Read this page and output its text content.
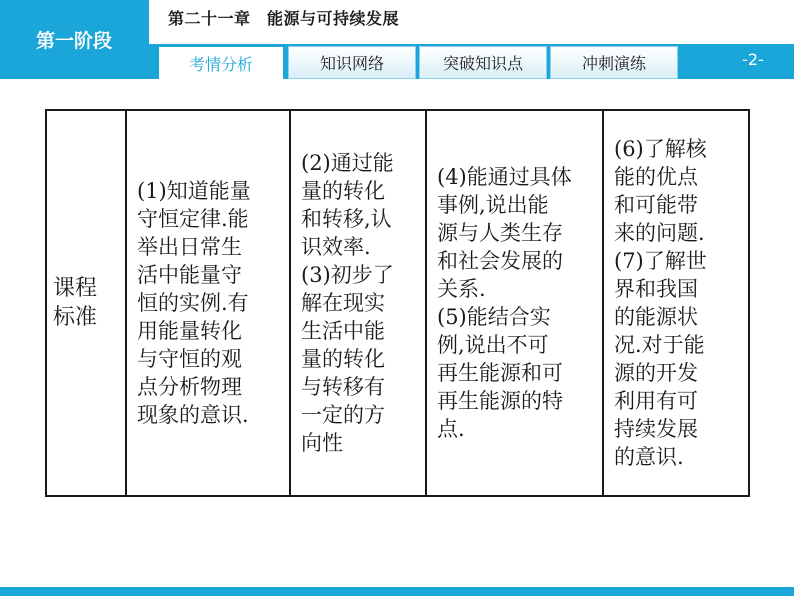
第一阶段
第二十一章　能源与可持续发展
考情分析	知识网络	突破知识点	冲刺演练	-2-
课程
标准

(1)知道能量
守恒定律.能
举出日常生
活中能量守
恒的实例.有
用能量转化
与守恒的观
点分析物理
现象的意识.

(2)通过能
量的转化
和转移,认
识效率.
(3)初步了
解在现实
生活中能
量的转化
与转移有
一定的方
向性

(4)能通过具体
事例,说出能
源与人类生存
和社会发展的
关系.
(5)能结合实
例,说出不可
再生能源和可
再生能源的特
点.

(6)了解核
能的优点
和可能带
来的问题.
(7)了解世
界和我国
的能源状
况.对于能
源的开发
利用有可
持续发展
的意识.
